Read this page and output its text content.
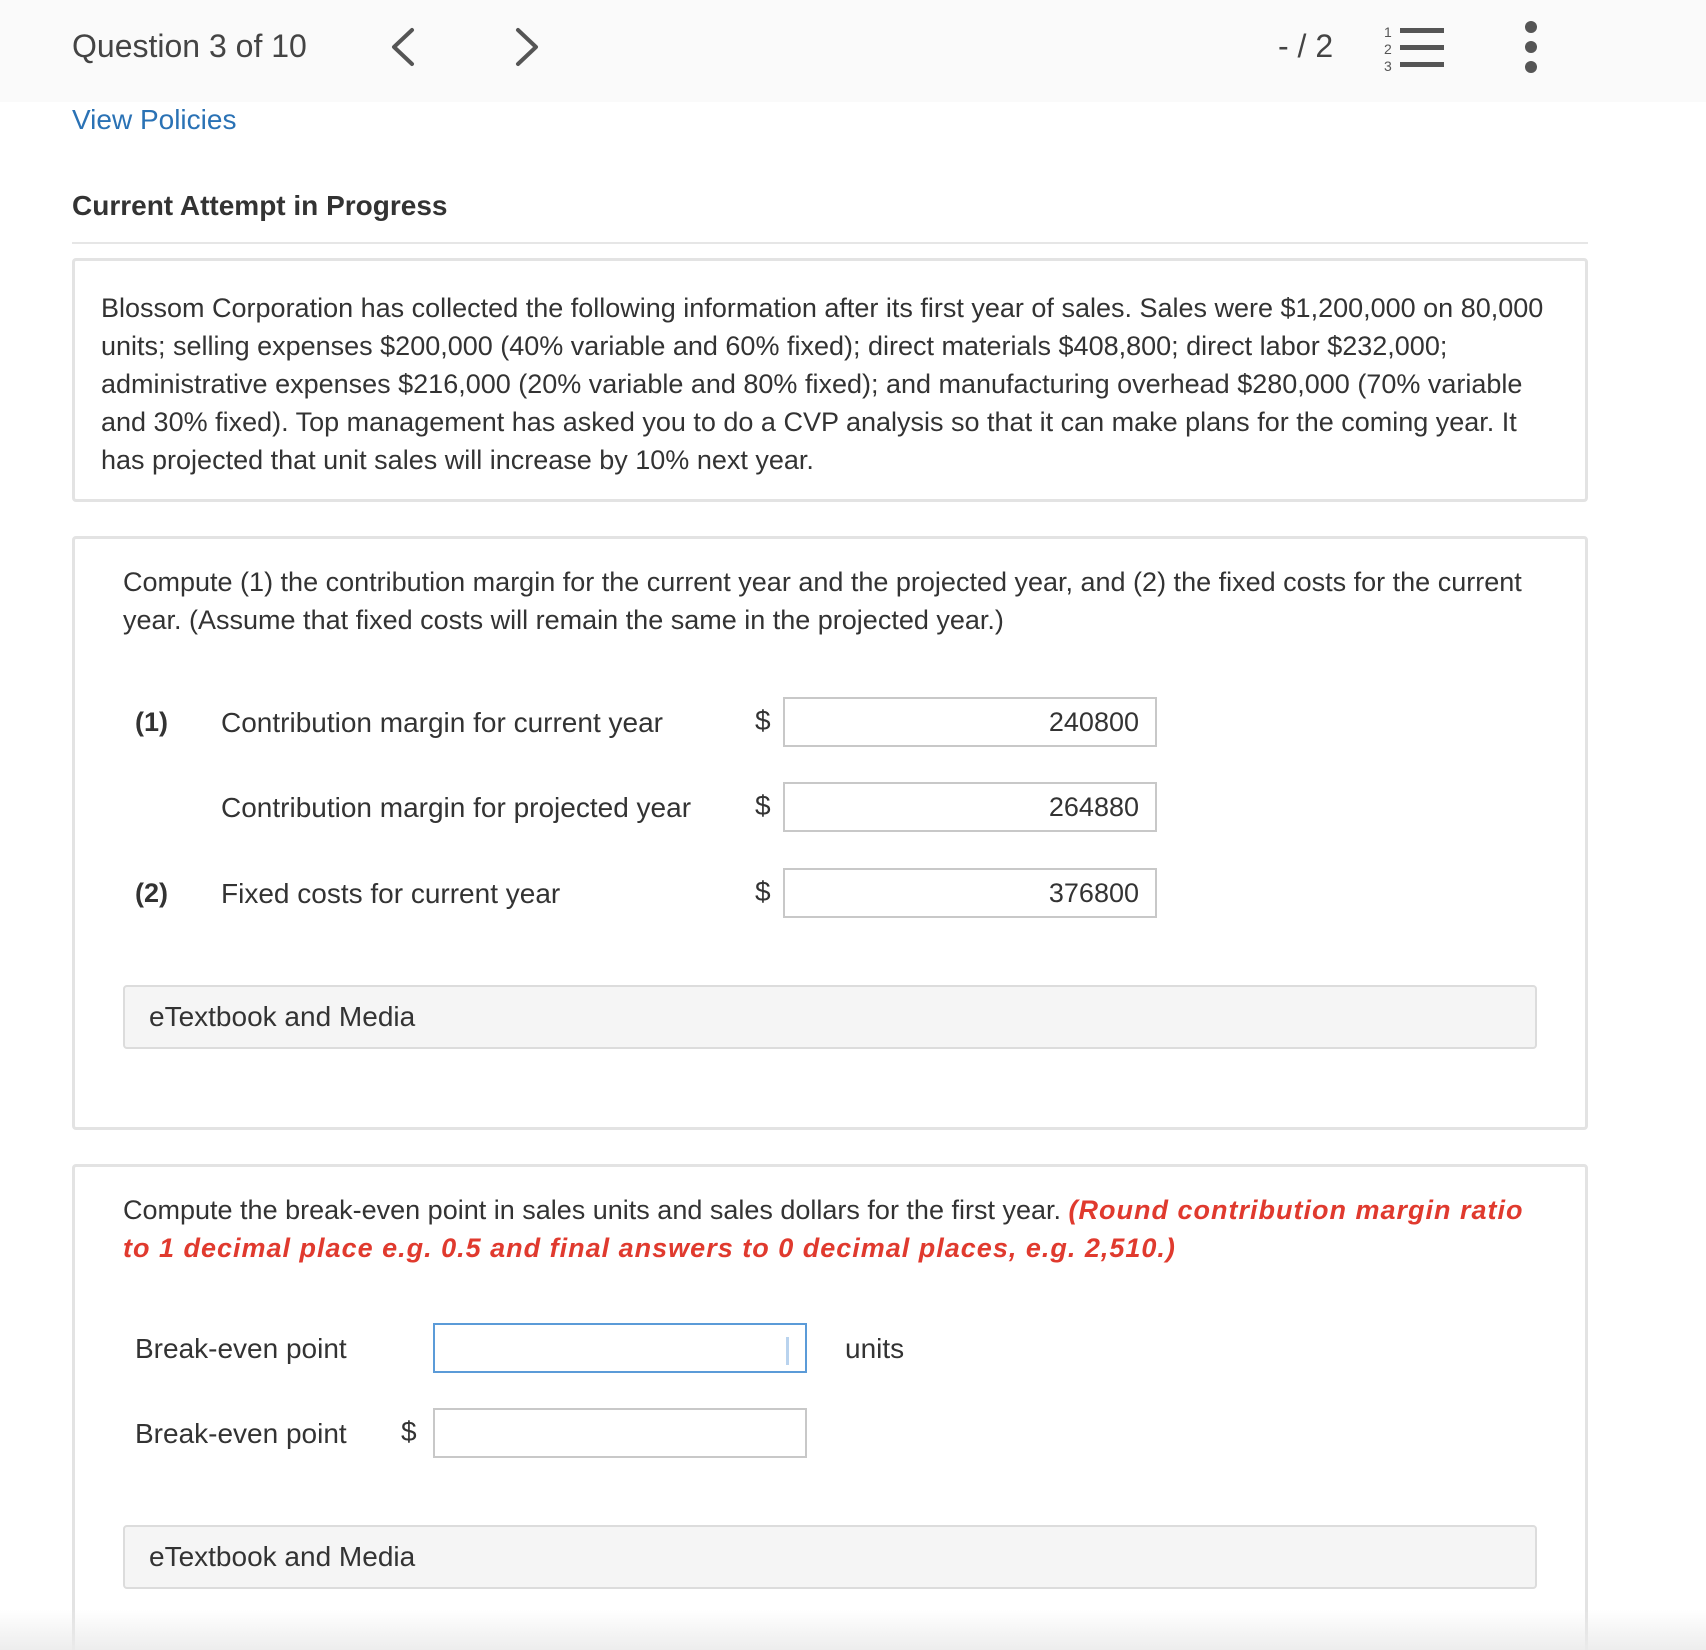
Question 3 of 10	- / 2	1
2
3
View Policies
Current Attempt in Progress
Blossom Corporation has collected the following information after its first year of sales. Sales were $1,200,000 on 80,000 units; selling expenses $200,000 (40% variable and 60% fixed); direct materials $408,800; direct labor $232,000; administrative expenses $216,000 (20% variable and 80% fixed); and manufacturing overhead $280,000 (70% variable and 30% fixed). Top management has asked you to do a CVP analysis so that it can make plans for the coming year. It has projected that unit sales will increase by 10% next year.
Compute (1) the contribution margin for the current year and the projected year, and (2) the fixed costs for the current year. (Assume that fixed costs will remain the same in the projected year.)
(1) Contribution margin for current year	$	240800
Contribution margin for projected year $	264880
(2) Fixed costs for current year	$	376800
eTextbook and Media
Compute the break-even point in sales units and sales dollars for the first year. (Round contribution margin ratio to 1 decimal place e.g. 0.5 and final answers to 0 decimal places, e.g. 2,510.)
Break-even point	units
Break-even point $
eTextbook and Media
